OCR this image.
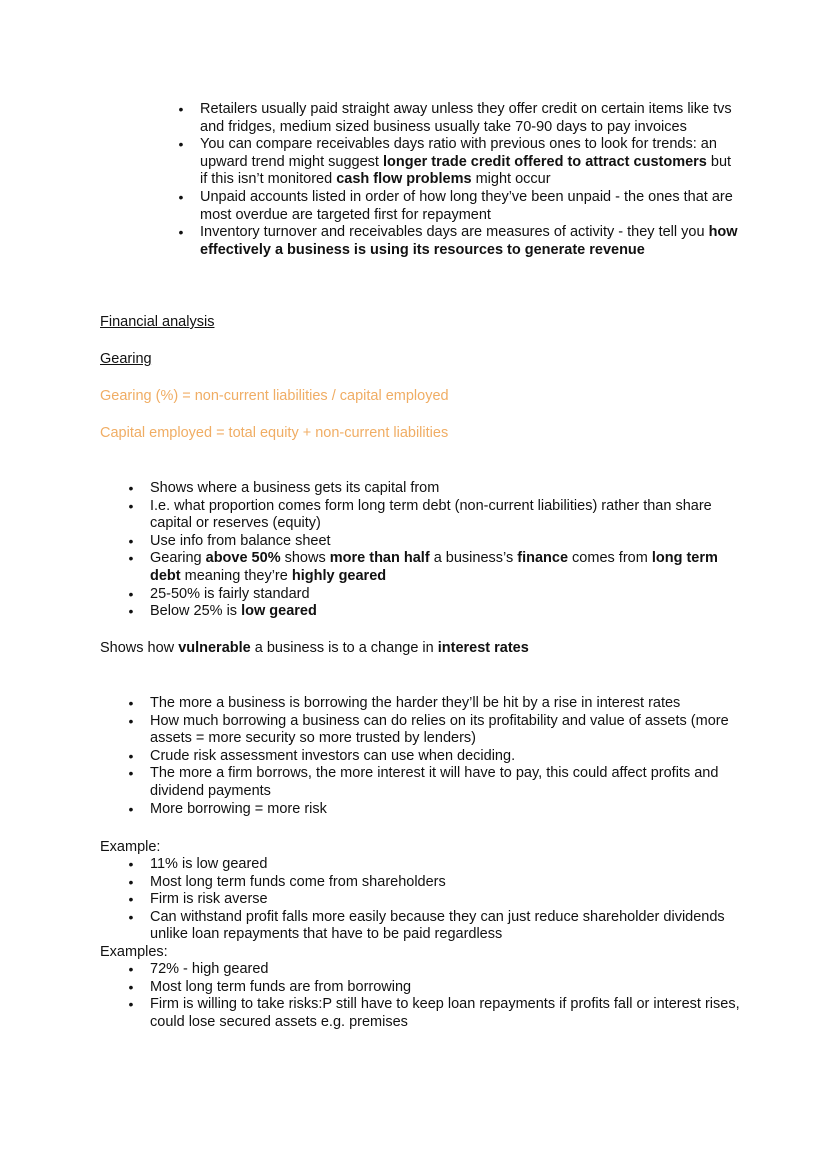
• Retailers usually paid straight away unless they offer credit on certain items like tvs and fridges, medium sized business usually take 70-90 days to pay invoices
• You can compare receivables days ratio with previous ones to look for trends: an upward trend might suggest longer trade credit offered to attract customers but if this isn’t monitored cash flow problems might occur
• Unpaid accounts listed in order of how long they’ve been unpaid - the ones that are most overdue are targeted first for repayment
• Inventory turnover and receivables days are measures of activity - they tell you how effectively a business is using its resources to generate revenue
Financial analysis
Gearing
Gearing (%) = non-current liabilities / capital employed
Capital employed = total equity + non-current liabilities
• Shows where a business gets its capital from
• I.e. what proportion comes form long term debt (non-current liabilities) rather than share capital or reserves (equity)
• Use info from balance sheet
• Gearing above 50% shows more than half a business’s finance comes from long term debt meaning they’re highly geared
• 25-50% is fairly standard
• Below 25% is low geared
Shows how vulnerable a business is to a change in interest rates
• The more a business is borrowing the harder they’ll be hit by a rise in interest rates
• How much borrowing a business can do relies on its profitability and value of assets (more assets = more security so more trusted by lenders)
• Crude risk assessment investors can use when deciding.
• The more a firm borrows, the more interest it will have to pay, this could affect profits and dividend payments
• More borrowing = more risk
Example:
• 11% is low geared
• Most long term funds come from shareholders
• Firm is risk averse
• Can withstand profit falls more easily because they can just reduce shareholder dividends unlike loan repayments that have to be paid regardless
Examples:
• 72% - high geared
• Most long term funds are from borrowing
• Firm is willing to take risks:P still have to keep loan repayments if profits fall or interest rises, could lose secured assets e.g. premises
